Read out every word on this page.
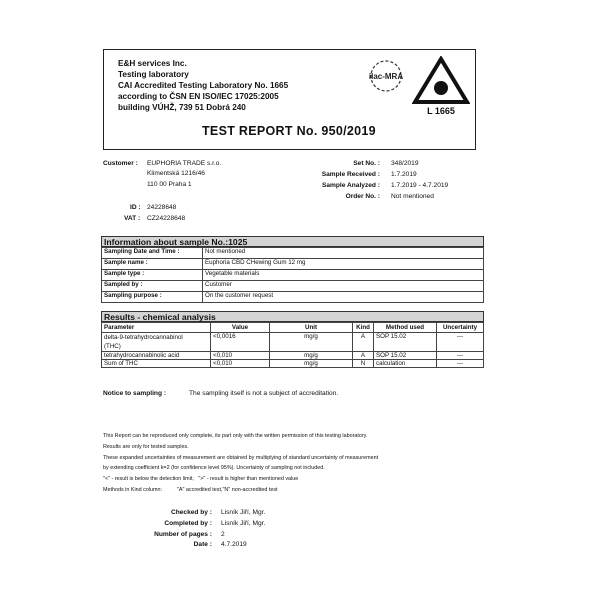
E&H services Inc.
Testing laboratory
CAI Accredited Testing Laboratory No. 1665
according to ČSN EN ISO/IEC 17025:2005
building VÚHŽ, 739 51 Dobrá 240
TEST REPORT No. 950/2019
ilac-MRA
L 1665
Customer : EUPHORIA TRADE s.r.o.
Klimentská 1216/46
110 00 Praha 1
ID : 24228648
VAT : CZ24228648
Set No. : 348/2019
Sample Received : 1.7.2019
Sample Analyzed : 1.7.2019 - 4.7.2019
Order No. : Not mentioned
Information about sample No.:1025
Sampling Date and Time :	Not mentioned
Sample name :	Euphoria CBD CHewing Gum 12 mg
Sample type :	Vegetable materials
Sampled by :	Customer
Sampling purpose :	On the customer request
Results - chemical analysis
Parameter	Value	Unit	Kind	Method used	Uncertainty
delta-9-tetrahydrocannabinol
(THC)	<0,0016	mg/g	A	SOP 15.02	---
tetrahydrocannabinolic acid	<0,010	mg/g	A	SOP 15.02	---
Sum of THC	<0,010	mg/g	N	calculation	---
Notice to sampling :	The sampling itself is not a subject of accreditation.
This Report can be reproduced only complete, its part only with the written permission of this testing laboratory.
Results are only for tested samples.
These expanded uncertainties of measurement are obtained by multiplying of standard uncertainty of measurement
by extending coefficient k=2 (for confidence level 95%). Uncertainty of sampling not included.
"<" - result is below the detection limit,   ">" - result is higher than mentioned value
Methods in Kind column:          "A" accredited test,"N" non-accredited test
Checked by : Lisník Jiří, Mgr.
Completed by : Lisník Jiří, Mgr.
Number of pages : 2
Date : 4.7.2019
